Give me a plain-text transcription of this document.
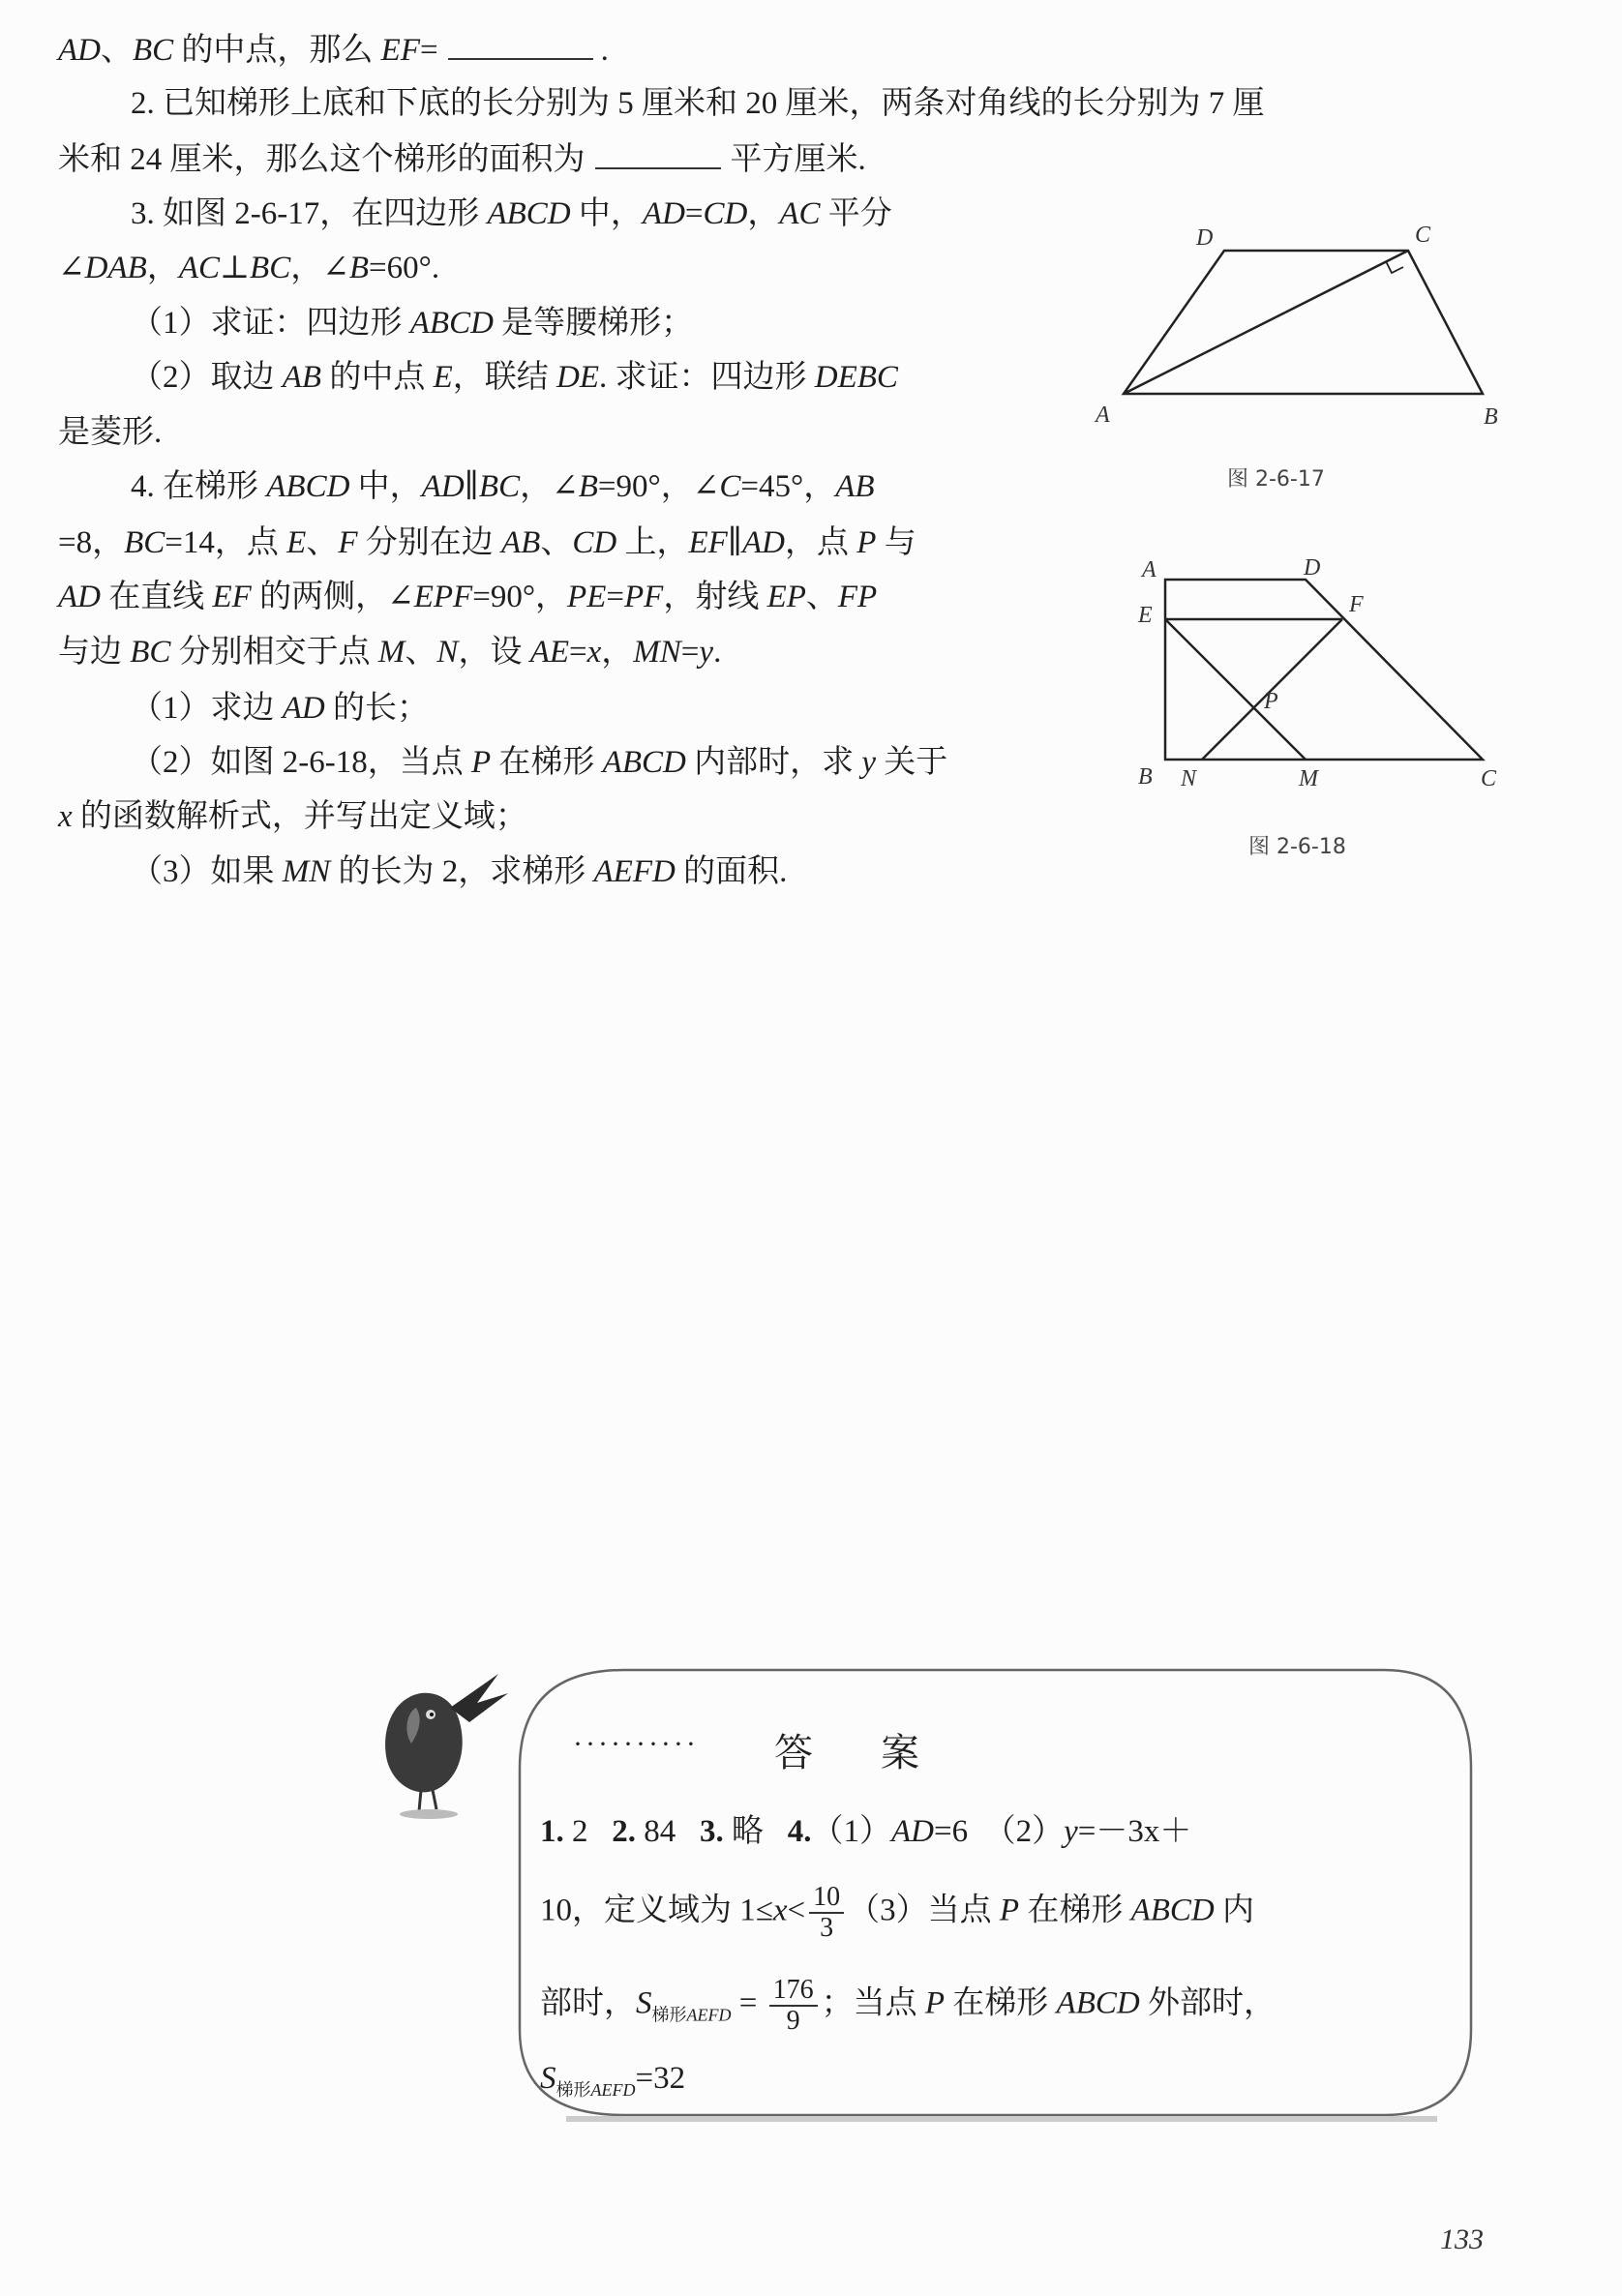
AD、BC 的中点，那么 EF=	.
2. 已知梯形上底和下底的长分别为 5 厘米和 20 厘米，两条对角线的长分别为 7 厘
米和 24 厘米，那么这个梯形的面积为	平方厘米.
3. 如图 2-6-17，在四边形 ABCD 中，AD=CD，AC 平分
∠DAB，AC⊥BC，∠B=60°.
（1）求证：四边形 ABCD 是等腰梯形；
（2）取边 AB 的中点 E，联结 DE. 求证：四边形 DEBC
是菱形.
4. 在梯形 ABCD 中，AD∥BC，∠B=90°，∠C=45°，AB
=8，BC=14，点 E、F 分别在边 AB、CD 上，EF∥AD，点 P 与
AD 在直线 EF 的两侧，∠EPF=90°，PE=PF，射线 EP、FP
与边 BC 分别相交于点 M、N，设 AE=x，MN=y.
（1）求边 AD 的长；
（2）如图 2-6-18，当点 P 在梯形 ABCD 内部时，求 y 关于
x 的函数解析式，并写出定义域；
（3）如果 MN 的长为 2，求梯形 AEFD 的面积.
D	C
A	B
A	D
E	F
P
B N	M	C
图 2-6-17
图 2-6-18
·········· 答案
1. 2   2. 84   3. 略   4.（1）AD=6  （2）y=－3x＋
10，定义域为 $1\le x< \frac{10}{3} (3)$当点 P 在梯形 ABCD 内
部时，$S_{梯形AEFD} = \frac{176}{9}$ ；当点 P 在梯形 ABCD 外部时，
$S_{梯形AEFD}=32$
133
